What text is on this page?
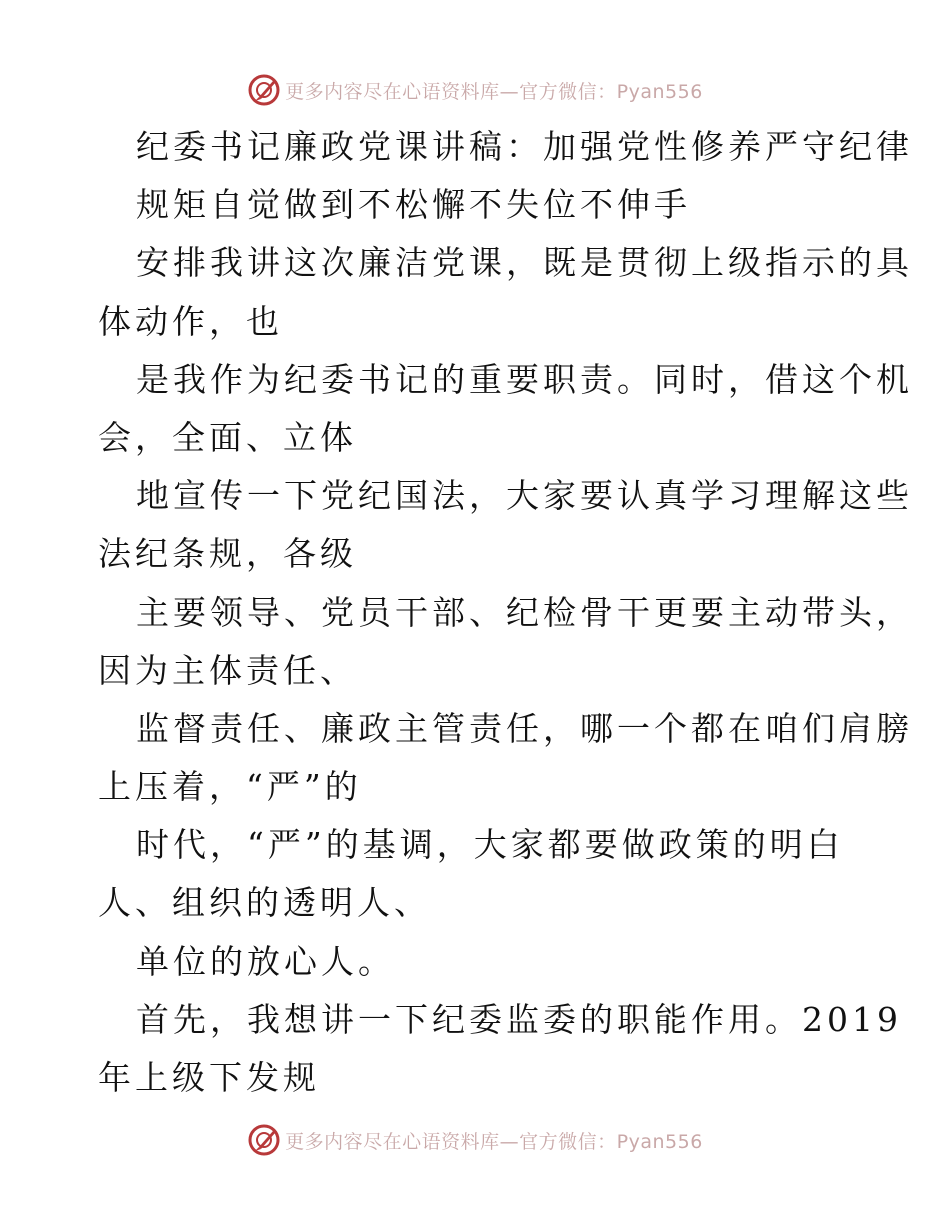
更多内容尽在心语资料库—官方微信：Pyan556
纪委书记廉政党课讲稿：加强党性修养严守纪律
规矩自觉做到不松懈不失位不伸手
安排我讲这次廉洁党课，既是贯彻上级指示的具
体动作，也
是我作为纪委书记的重要职责。同时，借这个机
会，全面、立体
地宣传一下党纪国法，大家要认真学习理解这些
法纪条规，各级
主要领导、党员干部、纪检骨干更要主动带头，
因为主体责任、
监督责任、廉政主管责任，哪一个都在咱们肩膀
上压着，“严”的
时代，“严”的基调，大家都要做政策的明白
人、组织的透明人、
单位的放心人。
首先，我想讲一下纪委监委的职能作用。2019
年上级下发规
更多内容尽在心语资料库—官方微信：Pyan556
